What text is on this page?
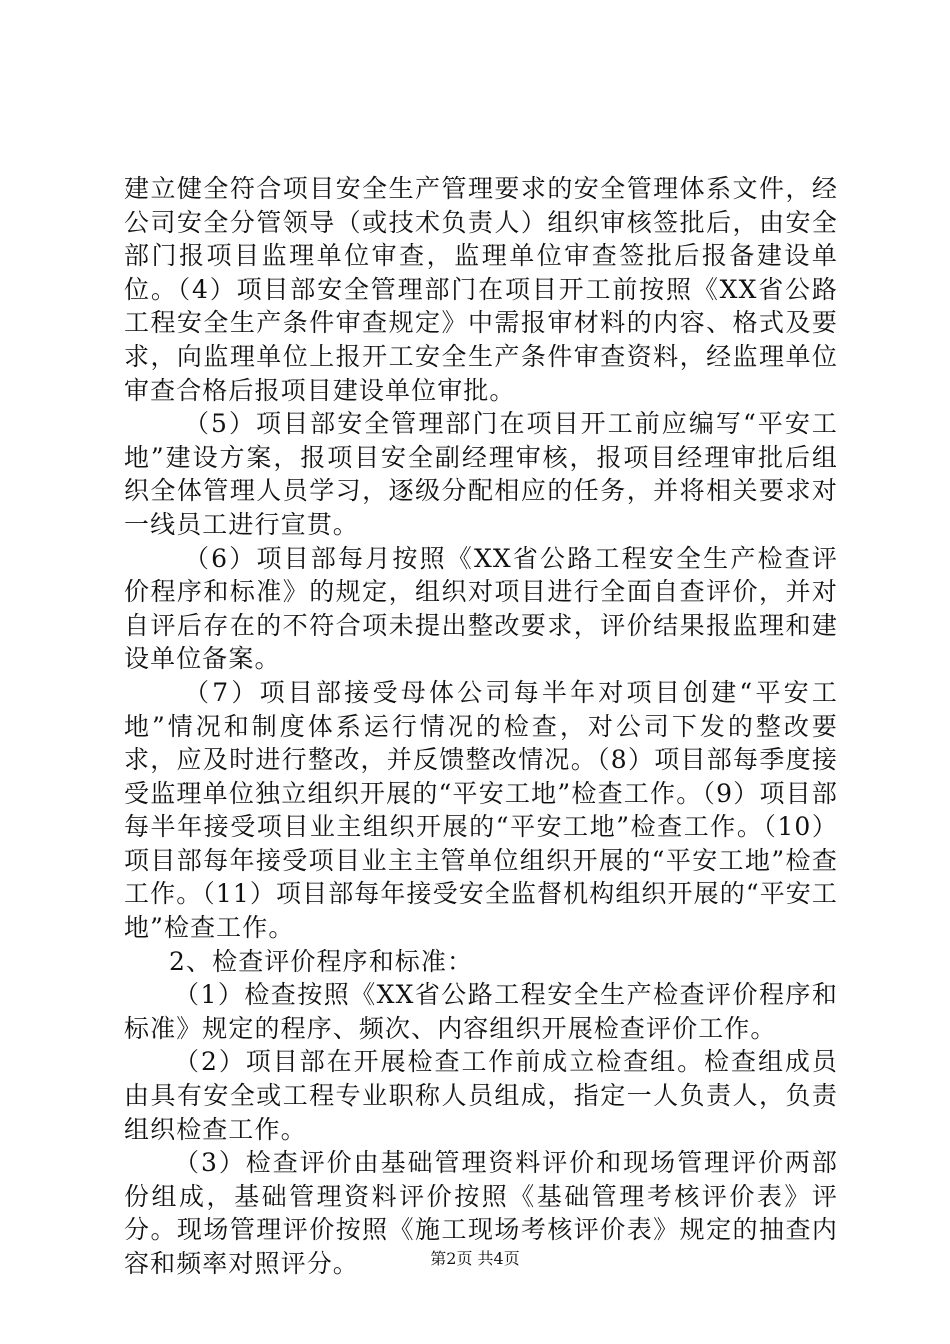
建立健全符合项目安全生产管理要求的安全管理体系文件，经公司安全分管领导（或技术负责人）组织审核签批后，由安全部门报项目监理单位审查，监理单位审查签批后报备建设单位。（4）项目部安全管理部门在项目开工前按照《XX省公路工程安全生产条件审查规定》中需报审材料的内容、格式及要求，向监理单位上报开工安全生产条件审查资料，经监理单位审查合格后报项目建设单位审批。

（5）项目部安全管理部门在项目开工前应编写“平安工地”建设方案，报项目安全副经理审核，报项目经理审批后组织全体管理人员学习，逐级分配相应的任务，并将相关要求对一线员工进行宣贯。

（6）项目部每月按照《XX省公路工程安全生产检查评价程序和标准》的规定，组织对项目进行全面自查评价，并对自评后存在的不符合项未提出整改要求，评价结果报监理和建设单位备案。

（7）项目部接受母体公司每半年对项目创建“平安工地”情况和制度体系运行情况的检查，对公司下发的整改要求，应及时进行整改，并反馈整改情况。（8）项目部每季度接受监理单位独立组织开展的“平安工地”检查工作。（9）项目部每半年接受项目业主组织开展的“平安工地”检查工作。（10）项目部每年接受项目业主主管单位组织开展的“平安工地”检查工作。（11）项目部每年接受安全监督机构组织开展的“平安工地”检查工作。

2、检查评价程序和标准：

（1）检查按照《XX省公路工程安全生产检查评价程序和标准》规定的程序、频次、内容组织开展检查评价工作。

（2）项目部在开展检查工作前成立检查组。检查组成员由具有安全或工程专业职称人员组成，指定一人负责人，负责组织检查工作。

（3）检查评价由基础管理资料评价和现场管理评价两部份组成，基础管理资料评价按照《基础管理考核评价表》评分。现场管理评价按照《施工现场考核评价表》规定的抽查内容和频率对照评分。	第2页 共4页
